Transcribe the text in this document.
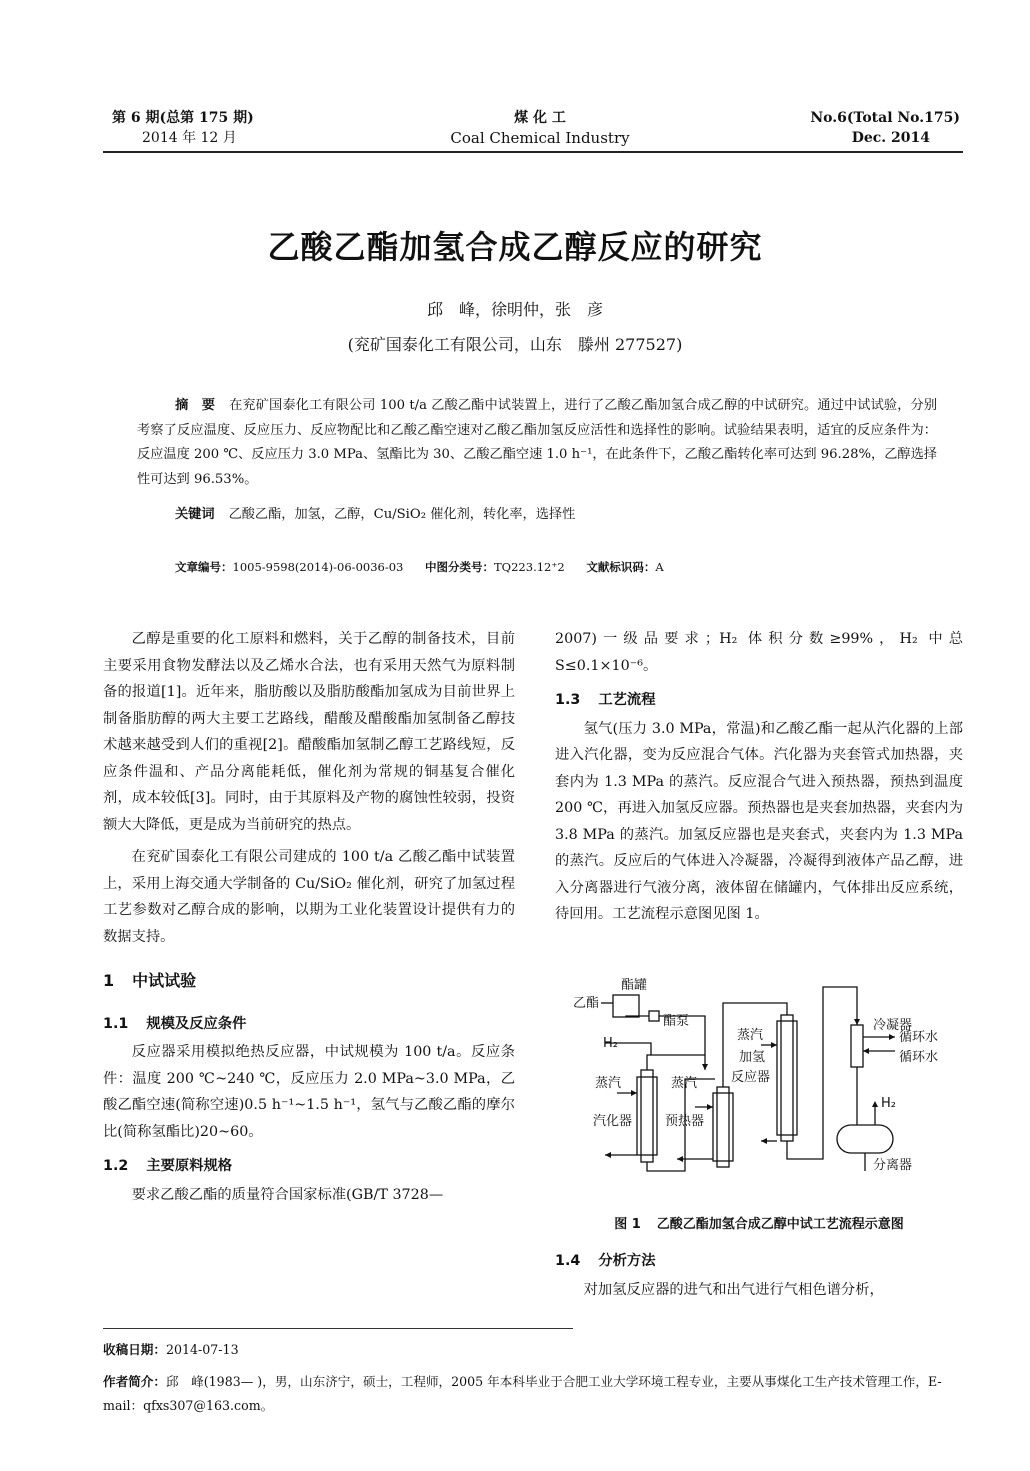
第 6 期(总第 175 期)
2014 年 12 月
煤 化 工
Coal Chemical Industry
No.6(Total No.175)
Dec. 2014
乙酸乙酯加氢合成乙醇反应的研究
邱　峰，徐明仲，张　彦
(兖矿国泰化工有限公司，山东　滕州 277527)
摘　要 在兖矿国泰化工有限公司 100 t/a 乙酸乙酯中试装置上，进行了乙酸乙酯加氢合成乙醇的中试研究。通过中试试验，分别考察了反应温度、反应压力、反应物配比和乙酸乙酯空速对乙酸乙酯加氢反应活性和选择性的影响。试验结果表明，适宜的反应条件为：反应温度 200 ℃、反应压力 3.0 MPa、氢酯比为 30、乙酸乙酯空速 1.0 h⁻¹，在此条件下，乙酸乙酯转化率可达到 96.28%，乙醇选择性可达到 96.53%。
关键词 乙酸乙酯，加氢，乙醇，Cu/SiO₂ 催化剂，转化率，选择性
文章编号：1005-9598(2014)-06-0036-03 中图分类号：TQ223.12⁺2 文献标识码：A

乙醇是重要的化工原料和燃料，关于乙醇的制备技术，目前主要采用食物发酵法以及乙烯水合法，也有采用天然气为原料制备的报道[1]。近年来，脂肪酸以及脂肪酸酯加氢成为目前世界上制备脂肪醇的两大主要工艺路线，醋酸及醋酸酯加氢制备乙醇技术越来越受到人们的重视[2]。醋酸酯加氢制乙醇工艺路线短，反应条件温和、产品分离能耗低，催化剂为常规的铜基复合催化剂，成本较低[3]。同时，由于其原料及产物的腐蚀性较弱，投资额大大降低，更是成为当前研究的热点。

在兖矿国泰化工有限公司建成的 100 t/a 乙酸乙酯中试装置上，采用上海交通大学制备的 Cu/SiO₂ 催化剂，研究了加氢过程工艺参数对乙醇合成的影响，以期为工业化装置设计提供有力的数据支持。

1 中试试验
1.1 规模及反应条件

反应器采用模拟绝热反应器，中试规模为 100 t/a。反应条件：温度 200 ℃~240 ℃，反应压力 2.0 MPa~3.0 MPa，乙酸乙酯空速(简称空速)0.5 h⁻¹~1.5 h⁻¹，氢气与乙酸乙酯的摩尔比(简称氢酯比)20~60。

1.2 主要原料规格

要求乙酸乙酯的质量符合国家标准(GB/T 3728—

2007)一级品要求；H₂ 体积分数≥99%，H₂ 中总 S≤0.1×10⁻⁶。

1.3 工艺流程

氢气(压力 3.0 MPa，常温)和乙酸乙酯一起从汽化器的上部进入汽化器，变为反应混合气体。汽化器为夹套管式加热器，夹套内为 1.3 MPa 的蒸汽。反应混合气进入预热器，预热到温度 200 ℃，再进入加氢反应器。预热器也是夹套加热器，夹套内为 3.8 MPa 的蒸汽。加氢反应器也是夹套式，夹套内为 1.3 MPa 的蒸汽。反应后的气体进入冷凝器，冷凝得到液体产品乙醇，进入分离器进行气液分离，液体留在储罐内，气体排出反应系统，待回用。工艺流程示意图见图 1。

酯罐
乙酯
酯泵
H₂
蒸汽
汽化器
蒸汽
预热器
蒸汽
加氢
反应器
冷凝器
循环水
循环水
H₂
分离器
图 1 乙酸乙酯加氢合成乙醇中试工艺流程示意图
1.4 分析方法

对加氢反应器的进气和出气进行气相色谱分析，

收稿日期：2014-07-13
作者简介：邱　峰(1983— )，男，山东济宁，硕士，工程师，2005 年本科毕业于合肥工业大学环境工程专业，主要从事煤化工生产技术管理工作，E-mail：qfxs307@163.com。
